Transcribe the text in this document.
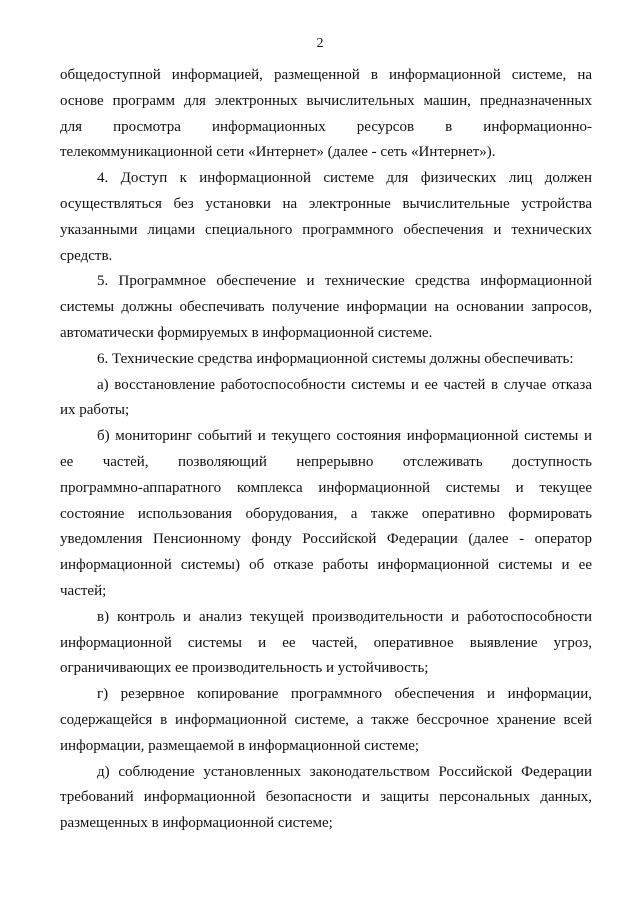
2
общедоступной информацией, размещенной в информационной системе, на
основе программ для электронных вычислительных машин, предназначенных
для просмотра информационных ресурсов в информационно-
телекоммуникационной сети «Интернет» (далее - сеть «Интернет»).
4. Доступ к информационной системе для физических лиц должен
осуществляться без установки на электронные вычислительные устройства
указанными лицами специального программного обеспечения и технических
средств.
5. Программное обеспечение и технические средства информационной
системы должны обеспечивать получение информации на основании запросов,
автоматически формируемых в информационной системе.
6. Технические средства информационной системы должны обеспечивать:
а) восстановление работоспособности системы и ее частей в случае отказа
их работы;
б) мониторинг событий и текущего состояния информационной системы и
ее частей, позволяющий непрерывно отслеживать доступность
программно-аппаратного комплекса информационной системы и текущее
состояние использования оборудования, а также оперативно формировать
уведомления Пенсионному фонду Российской Федерации (далее - оператор
информационной системы) об отказе работы информационной системы и ее
частей;
в) контроль и анализ текущей производительности и работоспособности
информационной системы и ее частей, оперативное выявление угроз,
ограничивающих ее производительность и устойчивость;
г) резервное копирование программного обеспечения и информации,
содержащейся в информационной системе, а также бессрочное хранение всей
информации, размещаемой в информационной системе;
д) соблюдение установленных законодательством Российской Федерации
требований информационной безопасности и защиты персональных данных,
размещенных в информационной системе;
